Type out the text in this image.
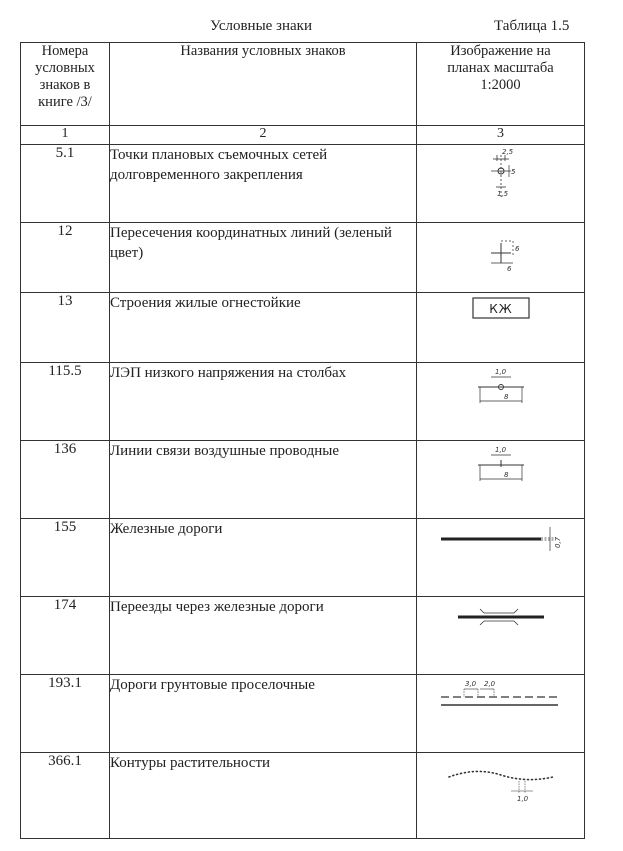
Условные знаки	Таблица 1.5
Номера условных знаков в книге /3/	Названия условных знаков	Изображение на планах масштаба 1:2000
1	2	3
5.1	Точки плановых съемочных сетей долговременного закрепления	2,5
5
1,5

12	Пересечения координатных линий (зеленый цвет)	6
6

13	Строения жилые огнестойкие	КЖ

115.5	ЛЭП низкого напряжения на столбах	1,0
8

136	Линии связи воздушные проводные	1,0
8

155	Железные дороги	0,7

174	Переезды через железные дороги	

193.1	Дороги грунтовые проселочные	3,0 2,0

366.1	Контуры растительности	1,0
